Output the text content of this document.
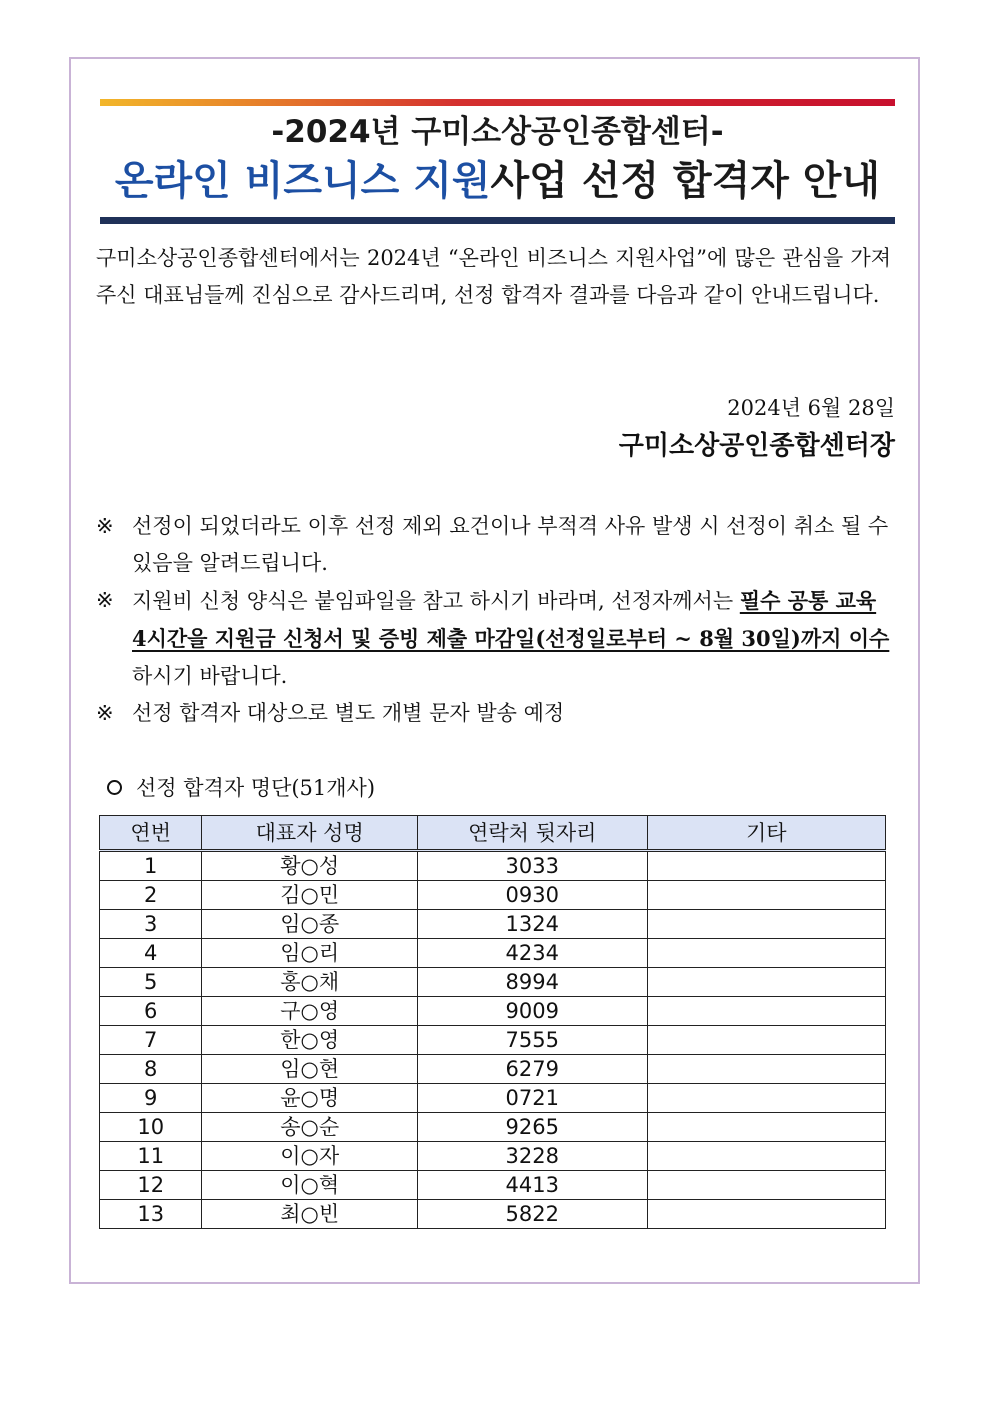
-2024년 구미소상공인종합센터-
온라인 비즈니스 지원사업 선정 합격자 안내
구미소상공인종합센터에서는 2024년 “온라인 비즈니스 지원사업”에 많은 관심을 가져주신 대표님들께 진심으로 감사드리며, 선정 합격자 결과를 다음과 같이 안내드립니다.
2024년 6월 28일
구미소상공인종합센터장
※ 선정이 되었더라도 이후 선정 제외 요건이나 부적격 사유 발생 시 선정이 취소 될 수 있음을 알려드립니다.
※ 지원비 신청 양식은 붙임파일을 참고 하시기 바라며, 선정자께서는 필수 공통 교육 4시간을 지원금 신청서 및 증빙 제출 마감일(선정일로부터 ~ 8월 30일)까지 이수 하시기 바랍니다.
※ 선정 합격자 대상으로 별도 개별 문자 발송 예정
선정 합격자 명단(51개사)
연번	대표자 성명	연락처 뒷자리	기타
1	황○성	3033	
2	김○민	0930	
3	임○종	1324	
4	임○리	4234	
5	홍○채	8994	
6	구○영	9009	
7	한○영	7555	
8	임○현	6279	
9	윤○명	0721	
10	송○순	9265	
11	이○자	3228	
12	이○혁	4413	
13	최○빈	5822	
